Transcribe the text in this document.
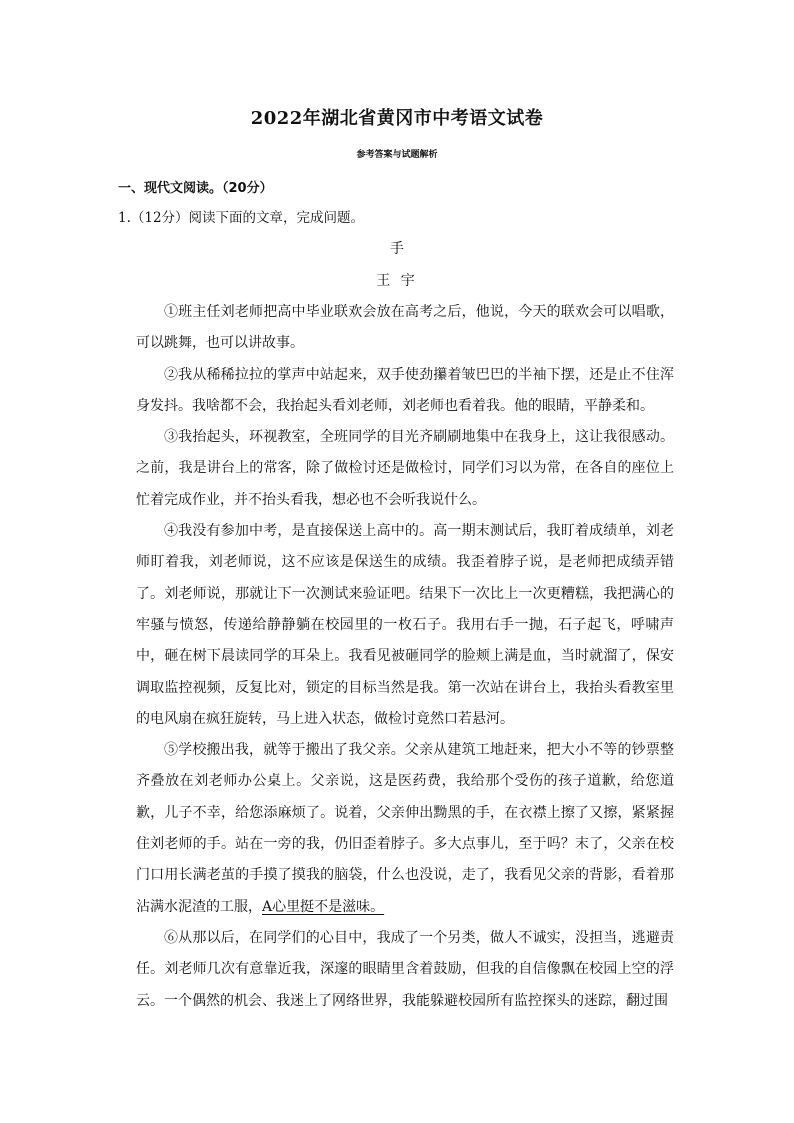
2022年湖北省黄冈市中考语文试卷
参考答案与试题解析
一、现代文阅读。（20分）
1.（12分）阅读下面的文章，完成问题。
手
王 宇

①班主任刘老师把高中毕业联欢会放在高考之后，他说，今天的联欢会可以唱歌，可以跳舞，也可以讲故事。

②我从稀稀拉拉的掌声中站起来，双手使劲攥着皱巴巴的半袖下摆，还是止不住浑身发抖。我啥都不会，我抬起头看刘老师，刘老师也看着我。他的眼睛，平静柔和。

③我抬起头，环视教室，全班同学的目光齐刷刷地集中在我身上，这让我很感动。之前，我是讲台上的常客，除了做检讨还是做检讨，同学们习以为常，在各自的座位上忙着完成作业，并不抬头看我，想必也不会听我说什么。

④我没有参加中考，是直接保送上高中的。高一期末测试后，我盯着成绩单，刘老师盯着我，刘老师说，这不应该是保送生的成绩。我歪着脖子说，是老师把成绩弄错了。刘老师说，那就让下一次测试来验证吧。结果下一次比上一次更糟糕，我把满心的牢骚与愤怒，传递给静静躺在校园里的一枚石子。我用右手一抛，石子起飞，呼啸声中，砸在树下晨读同学的耳朵上。我看见被砸同学的脸颊上满是血，当时就溜了，保安调取监控视频，反复比对，锁定的目标当然是我。第一次站在讲台上，我抬头看教室里的电风扇在疯狂旋转，马上进入状态，做检讨竟然口若悬河。

⑤学校搬出我，就等于搬出了我父亲。父亲从建筑工地赶来，把大小不等的钞票整齐叠放在刘老师办公桌上。父亲说，这是医药费，我给那个受伤的孩子道歉，给您道歉，儿子不幸，给您添麻烦了。说着，父亲伸出黝黑的手，在衣襟上擦了又擦，紧紧握住刘老师的手。站在一旁的我，仍旧歪着脖子。多大点事儿，至于吗？末了，父亲在校门口用长满老茧的手摸了摸我的脑袋，什么也没说，走了，我看见父亲的背影，看着那沾满水泥渣的工服，A心里挺不是滋味。

⑥从那以后，在同学们的心目中，我成了一个另类，做人不诚实，没担当，逃避责任。刘老师几次有意靠近我，深邃的眼睛里含着鼓励，但我的自信像飘在校园上空的浮云。一个偶然的机会、我迷上了网络世界，我能躲避校园所有监控探头的迷踪，翻过围
